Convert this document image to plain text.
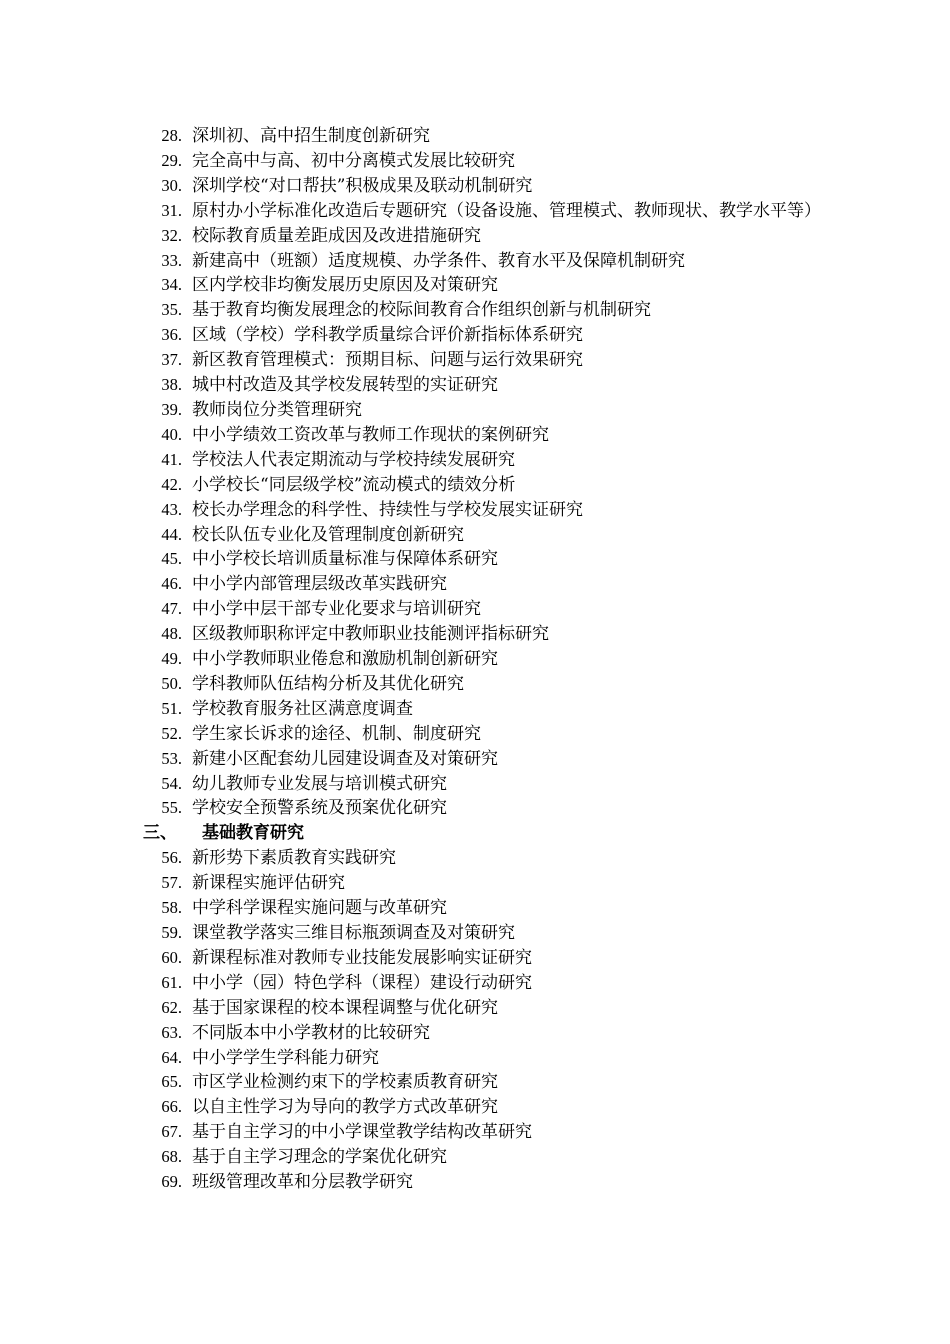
28. 深圳初、高中招生制度创新研究
29. 完全高中与高、初中分离模式发展比较研究
30. 深圳学校“对口帮扶”积极成果及联动机制研究
31. 原村办小学标准化改造后专题研究（设备设施、管理模式、教师现状、教学水平等）
32. 校际教育质量差距成因及改进措施研究
33. 新建高中（班额）适度规模、办学条件、教育水平及保障机制研究
34. 区内学校非均衡发展历史原因及对策研究
35. 基于教育均衡发展理念的校际间教育合作组织创新与机制研究
36. 区域（学校）学科教学质量综合评价新指标体系研究
37. 新区教育管理模式：预期目标、问题与运行效果研究
38. 城中村改造及其学校发展转型的实证研究
39. 教师岗位分类管理研究
40. 中小学绩效工资改革与教师工作现状的案例研究
41. 学校法人代表定期流动与学校持续发展研究
42. 小学校长“同层级学校”流动模式的绩效分析
43. 校长办学理念的科学性、持续性与学校发展实证研究
44. 校长队伍专业化及管理制度创新研究
45. 中小学校长培训质量标准与保障体系研究
46. 中小学内部管理层级改革实践研究
47. 中小学中层干部专业化要求与培训研究
48. 区级教师职称评定中教师职业技能测评指标研究
49. 中小学教师职业倦怠和激励机制创新研究
50. 学科教师队伍结构分析及其优化研究
51. 学校教育服务社区满意度调查
52. 学生家长诉求的途径、机制、制度研究
53. 新建小区配套幼儿园建设调查及对策研究
54. 幼儿教师专业发展与培训模式研究
55. 学校安全预警系统及预案优化研究
三、 基础教育研究
56. 新形势下素质教育实践研究
57. 新课程实施评估研究
58. 中学科学课程实施问题与改革研究
59. 课堂教学落实三维目标瓶颈调查及对策研究
60. 新课程标准对教师专业技能发展影响实证研究
61. 中小学（园）特色学科（课程）建设行动研究
62. 基于国家课程的校本课程调整与优化研究
63. 不同版本中小学教材的比较研究
64. 中小学学生学科能力研究
65. 市区学业检测约束下的学校素质教育研究
66. 以自主性学习为导向的教学方式改革研究
67. 基于自主学习的中小学课堂教学结构改革研究
68. 基于自主学习理念的学案优化研究
69. 班级管理改革和分层教学研究
